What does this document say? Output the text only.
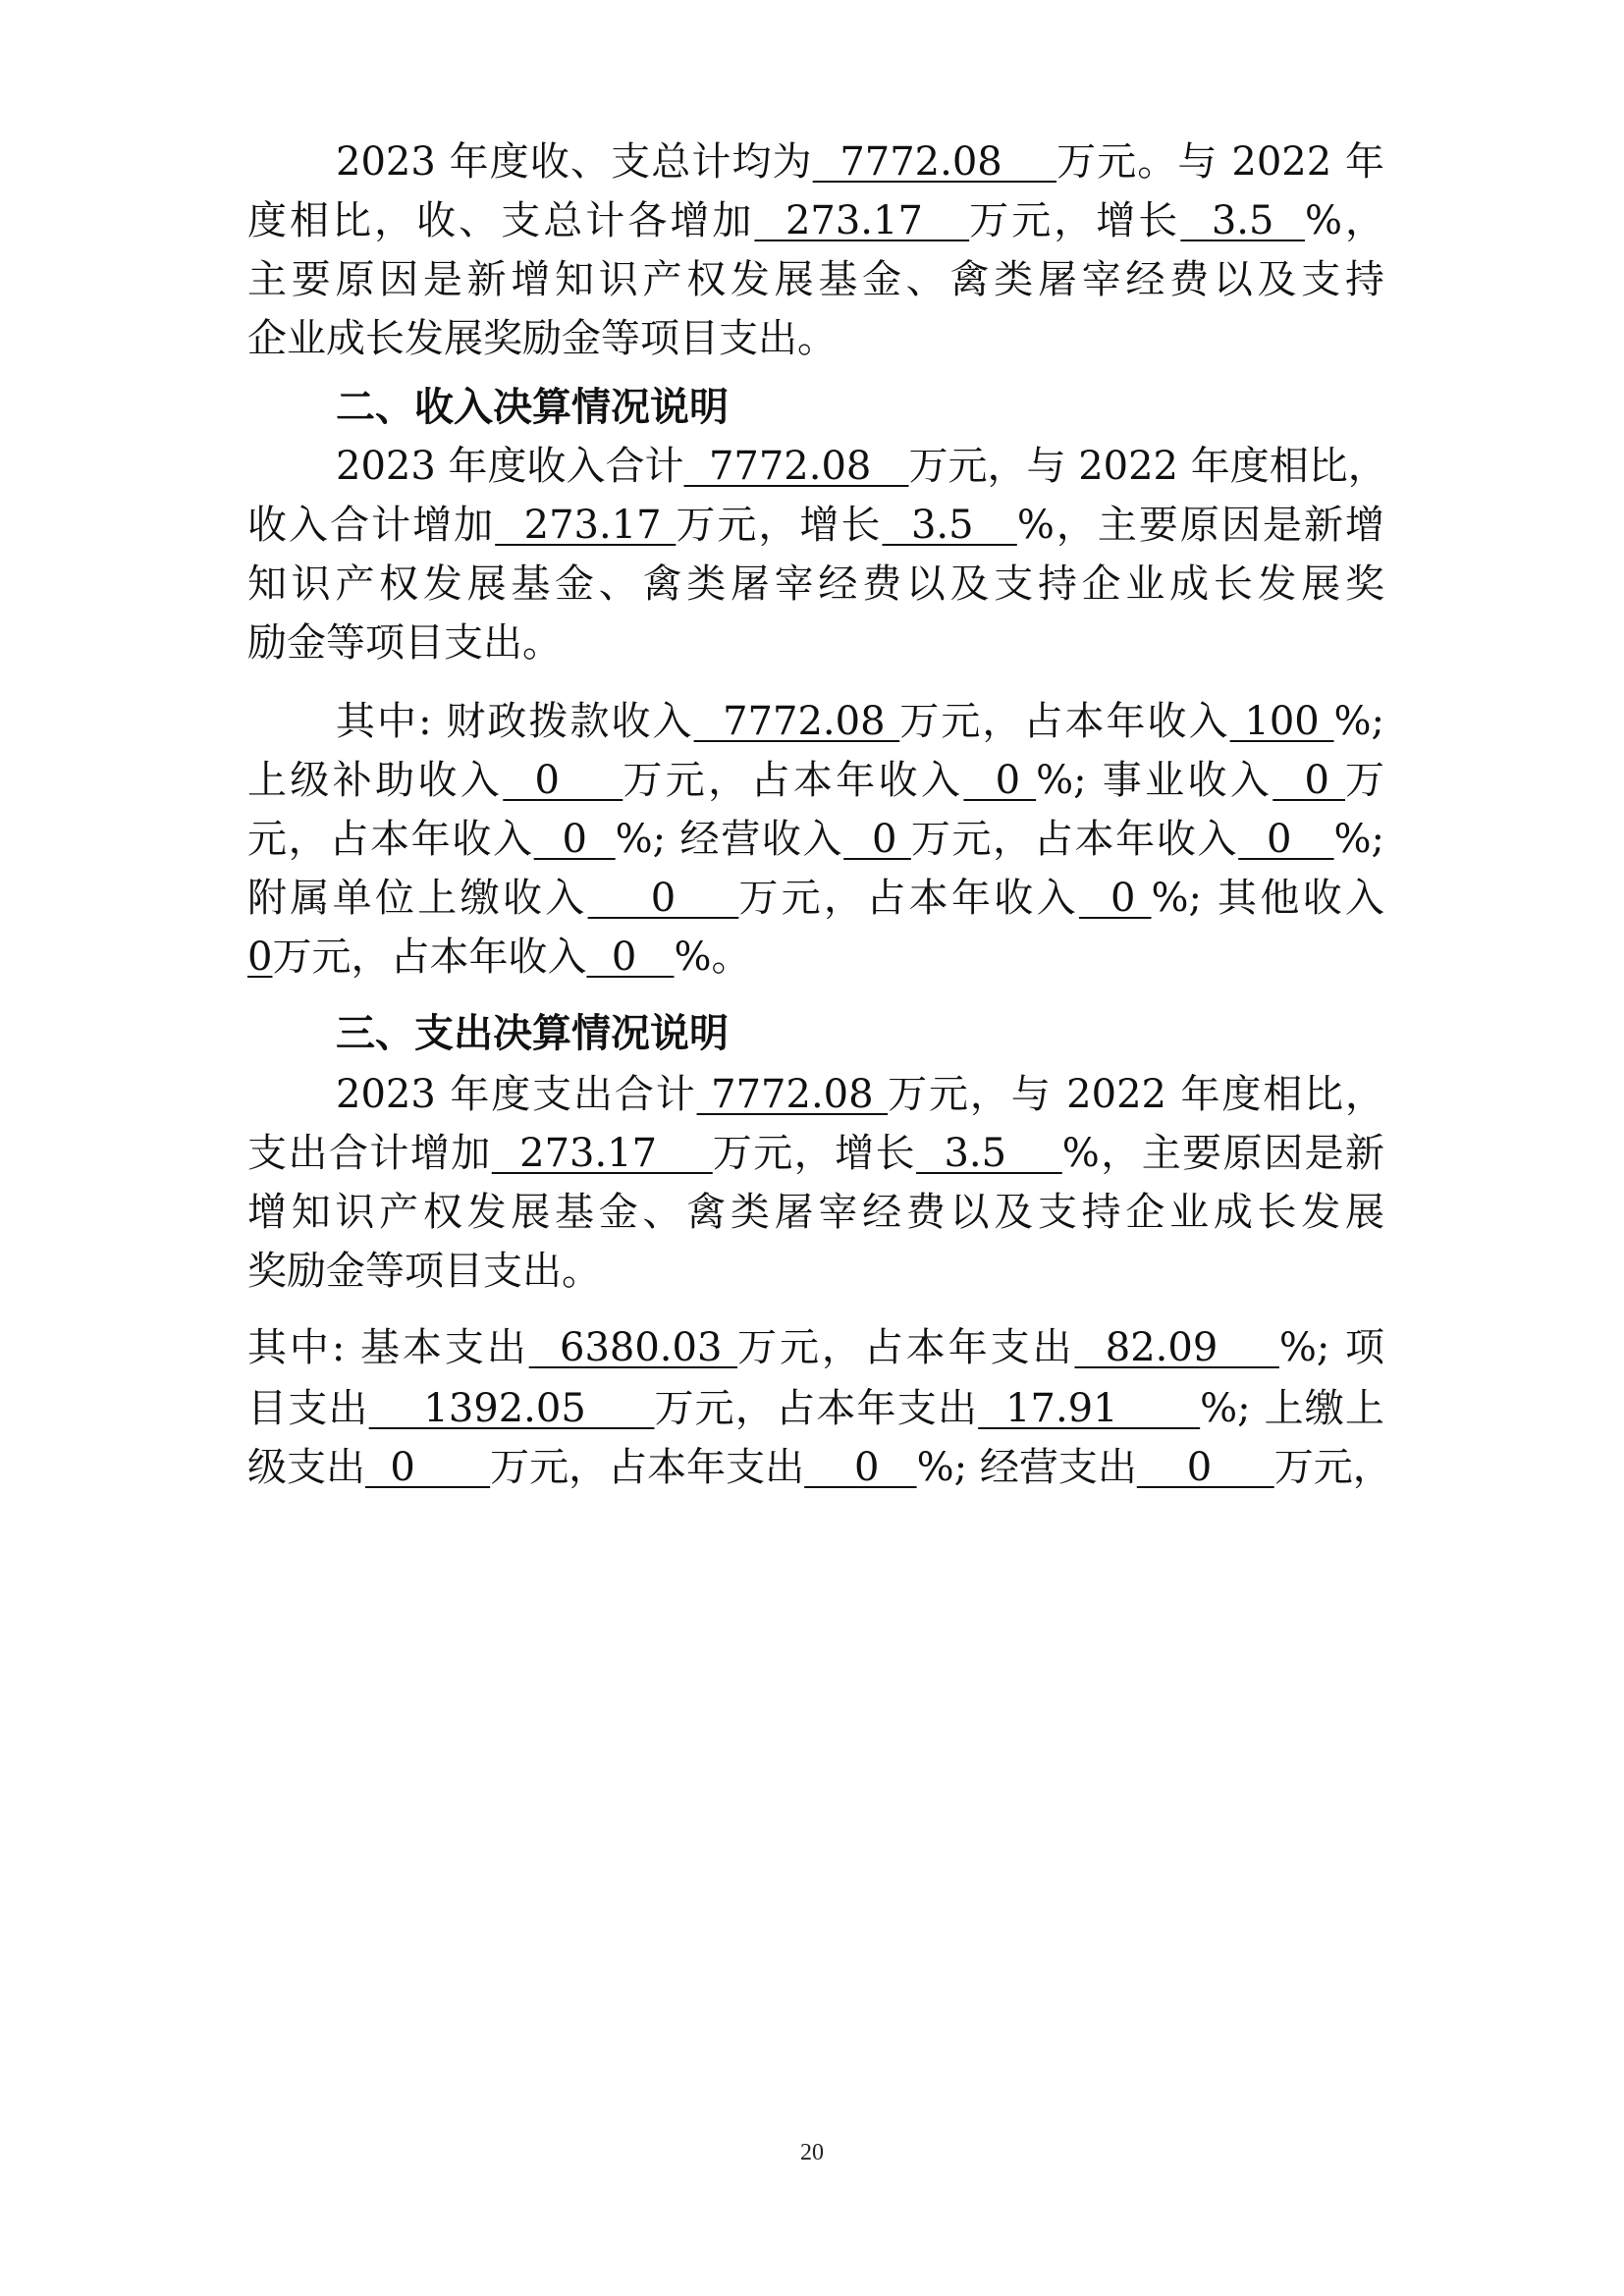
2023 年度收、支总计均为  7772.08    万元。与 2022 年
度相比，收、支总计各增加  273.17   万元，增长  3.5  %，
主要原因是新增知识产权发展基金、禽类屠宰经费以及支持
企业成长发展奖励金等项目支出。
二、收入决算情况说明
2023 年度收入合计  7772.08   万元，与 2022 年度相比，
收入合计增加  273.17 万元，增长  3.5   %，主要原因是新增
知识产权发展基金、禽类屠宰经费以及支持企业成长发展奖
励金等项目支出。
其中: 财政拨款收入  7772.08 万元，占本年收入 100 %;
上级补助收入  0    万元，占本年收入  0 %; 事业收入  0 万
元，占本年收入  0  %; 经营收入  0 万元，占本年收入  0   %;
附属单位上缴收入    0    万元，占本年收入  0 %; 其他收入
0万元，占本年收入  0   %。
三、支出决算情况说明
2023 年度支出合计 7772.08 万元，与 2022 年度相比，
支出合计增加  273.17    万元，增长  3.5    %，主要原因是新
增知识产权发展基金、禽类屠宰经费以及支持企业成长发展
奖励金等项目支出。
其中: 基本支出  6380.03 万元，占本年支出  82.09    %; 项
目支出    1392.05     万元，占本年支出  17.91      %; 上缴上
级支出  0      万元，占本年支出    0   %; 经营支出    0     万元，
20
